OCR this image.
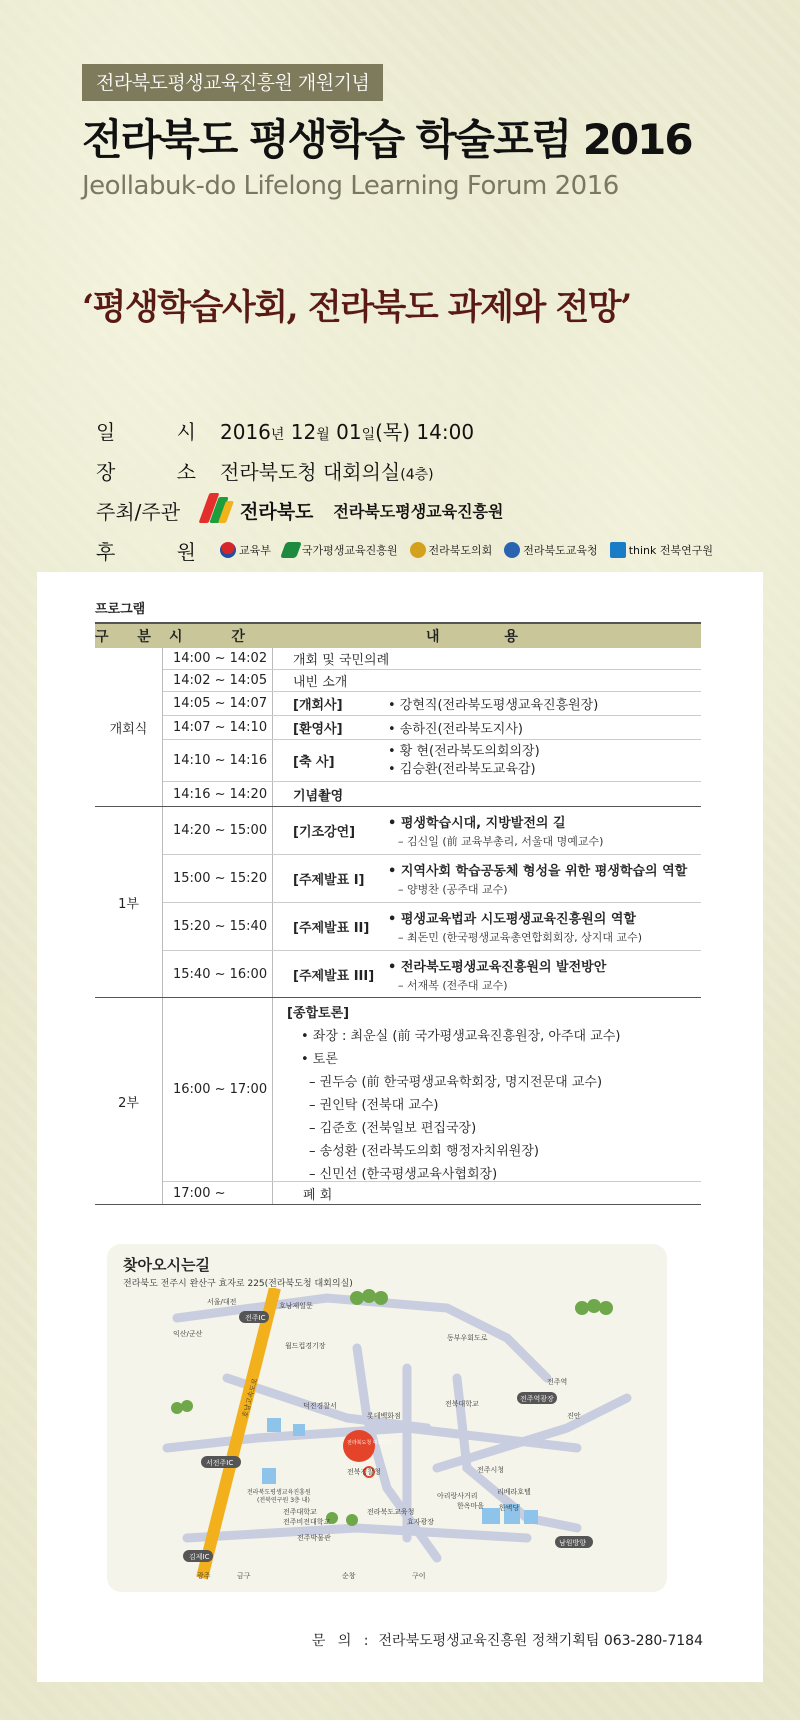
전라북도평생교육진흥원 개원기념
전라북도 평생학습 학술포럼 2016
Jeollabuk-do Lifelong Learning Forum 2016
‘평생학습사회, 전라북도 과제와 전망’
일	시 2016년 12월 01일(목) 14:00
장	소 전라북도청 대회의실(4층)
주최/주관	전라북도 전라북도평생교육진흥원
후	원	교육부	국가평생교육진흥원	전라북도의회	전라북도교육청	think 전북연구원
프로그램
구 분 시 간	내 용
개회식
14:00 ~ 14:02	개회 및 국민의례
14:02 ~ 14:05	내빈 소개
14:05 ~ 14:07	[개회사]	• 강현직(전라북도평생교육진흥원장)
14:07 ~ 14:10	[환영사]	• 송하진(전라북도지사)
14:10 ~ 14:16	[축 사]
• 황 현(전라북도의회의장)
• 김승환(전라북도교육감)
14:16 ~ 14:20	기념촬영
1부
14:20 ~ 15:00	[기조강연]
• 평생학습시대, 지방발전의 길
– 김신일 (前 교육부총리, 서울대 명예교수)
15:00 ~ 15:20	[주제발표 I]
• 지역사회 학습공동체 형성을 위한 평생학습의 역할
– 양병찬 (공주대 교수)
15:20 ~ 15:40	[주제발표 II]
• 평생교육법과 시도평생교육진흥원의 역할
– 최돈민 (한국평생교육총연합회회장, 상지대 교수)
15:40 ~ 16:00	[주제발표 III]
• 전라북도평생교육진흥원의 발전방안
– 서재복 (전주대 교수)
2부
16:00 ~ 17:00
[종합토론]
• 좌장 : 최운실 (前 국가평생교육진흥원장, 아주대 교수)
• 토론
– 권두승 (前 한국평생교육학회장, 명지전문대 교수)
– 권인탁 (전북대 교수)
– 김준호 (전북일보 편집국장)
– 송성환 (전라북도의회 행정자치위원장)
– 신민선 (한국평생교육사협회장)
17:00 ~	폐 회
찾아오시는길
전라북도 전주시 완산구 효자로 225(전라북도청 대회의실)
서울/대전
전주IC
익산/군산
호남제일문
월드컵경기장
동부우회도로
호남고속도로	전주역
전주역광장
진안
전북대학교
덕진경찰서
롯데백화점
서전주IC
전라북도청 대회의실
전북경찰청
전라북도평생교육진흥원
(전북연구원 3층 내)
전주대학교
전주비전대학교
전라북도교육청
전주박물관
김제IC
광주	금구	순창	구이
남원방향
전주시청
아리랑사거리	리베라호텔
한옥마을 한벽당
효자광장
문 의 : 전라북도평생교육진흥원 정책기획팀 063-280-7184
